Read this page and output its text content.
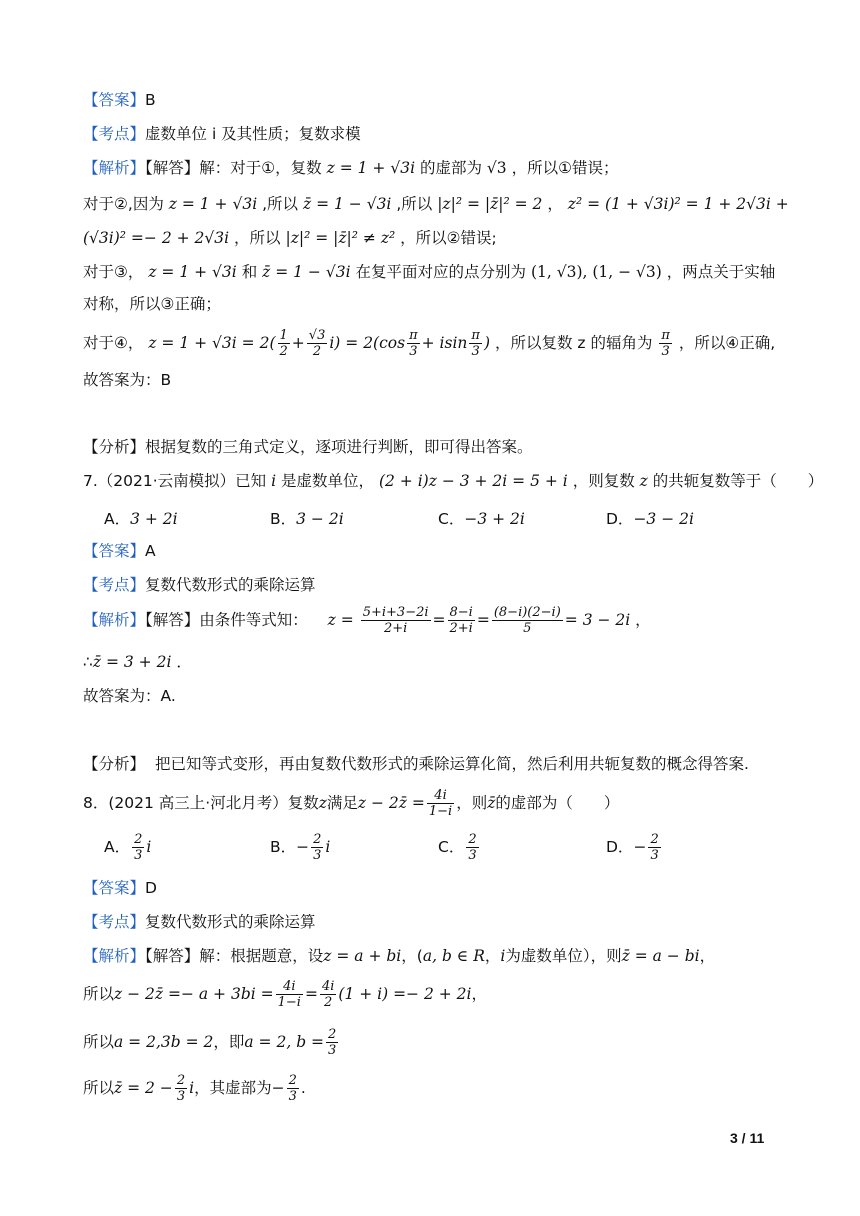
【答案】B
【考点】虚数单位 i 及其性质；复数求模
【解析】【解答】解：对于①，复数 z = 1 + √3i 的虚部为 √3 ，所以①错误；
对于②,因为 z = 1 + √3i ,所以 z̄ = 1 − √3i ,所以 |z|² = |z̄|² = 2 ， z² = (1 + √3i)² = 1 + 2√3i +
(√3i)² =− 2 + 2√3i ，所以 |z|² = |z̄|² ≠ z² ，所以②错误;
对于③， z = 1 + √3i 和 z̄ = 1 − √3i 在复平面对应的点分别为 (1, √3), (1, − √3) ，两点关于实轴
对称，所以③正确；
对于④， $z = 1 + √3i = 2( \frac{1}{2} + \frac{√3}{2} i) = 2(\cos \frac{\pi}{3} + isin \frac{\pi}{3}$ ) ，所以复数 z 的辐角为 $\frac{\pi}{3}$ ，所以④正确,
故答案为：B
【分析】根据复数的三角式定义，逐项进行判断，即可得出答案。
7.（2021·云南模拟）已知 i 是虚数单位， (2 + i)z − 3 + 2i = 5 + i ，则复数 z 的共轭复数等于（　　）
A．3 + 2i	B．3 − 2i	C．−3 + 2i	D．−3 − 2i
【答案】A
【考点】复数代数形式的乘除运算
【解析】【解答】由条件等式知： $z = \frac{5+i+3-2i}{2+i} = \frac{8-i}{2+i} = \frac{(8-i)(2-i)}{5} = 3 - 2i$ ，
∴z̄ = 3 + 2i ．
故答案为：A.
【分析】 把已知等式变形，再由复数代数形式的乘除运算化简，然后利用共轭复数的概念得答案.
8．(2021 高三上·河北月考）复数z满足z − 2z̄ = $\frac{4i}{1-i}$ ，则z̄的虚部为（　　）
A． $\frac{2}{3}$ i	B．− $\frac{2}{3}$ i	C． $\frac{2}{3}$	D．− $\frac{2}{3}$
【答案】D
【考点】复数代数形式的乘除运算
【解析】【解答】解：根据题意，设z = a + bi，(a, b ∈ R，i为虚数单位），则z̄ = a − bi，
所以z − 2z̄ =− $a + 3bi = \frac{4i}{1-i} = \frac{4i}{2} (1 + i) =- 2 + 2i$，
所以a = 2,3b = 2，即a = 2, $b = \frac{2}{3}$
所以z̄ = $2 - \frac{2}{3}$ i，其虚部为− $\frac{2}{3}$ .
3 / 11
